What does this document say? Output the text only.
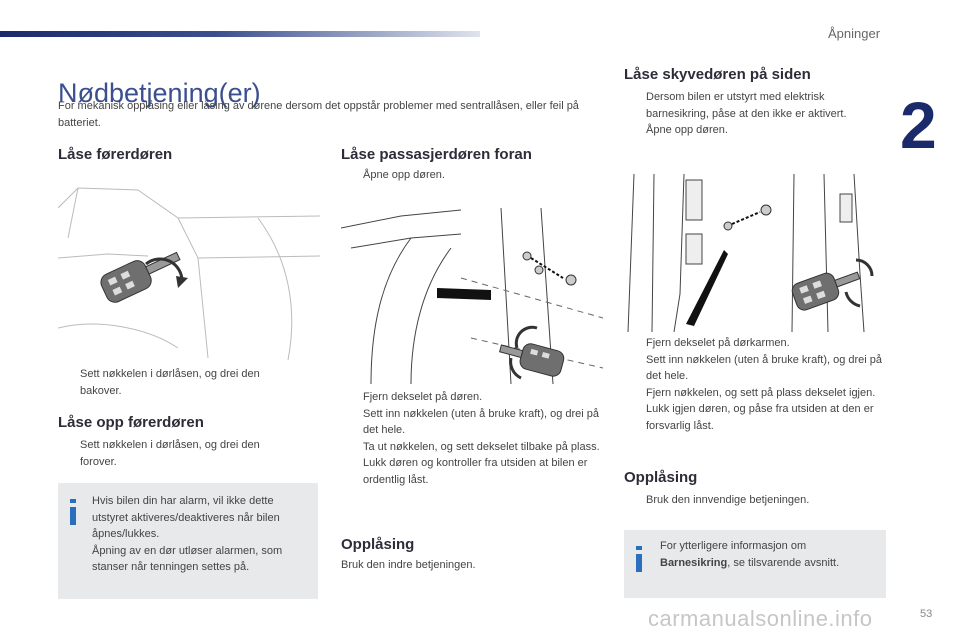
Åpninger
2
Nødbetjening(er)
For mekanisk opplåsing eller låsing av dørene dersom det oppstår problemer med sentrallåsen, eller feil på batteriet.
Låse førerdøren
Sett nøkkelen i dørlåsen, og drei den bakover.
Låse opp førerdøren
Sett nøkkelen i dørlåsen, og drei den forover.
Hvis bilen din har alarm, vil ikke dette
utstyret aktiveres/deaktiveres når bilen
åpnes/lukkes.
Åpning av en dør utløser alarmen, som
stanser når tenningen settes på.
Låse passasjerdøren foran
Åpne opp døren.
Fjern dekselet på døren.
Sett inn nøkkelen (uten å bruke kraft), og drei på det hele.
Ta ut nøkkelen, og sett dekselet tilbake på plass.
Lukk døren og kontroller fra utsiden at bilen er ordentlig låst.
Opplåsing
Bruk den indre betjeningen.
Låse skyvedøren på siden
Dersom bilen er utstyrt med elektrisk barnesikring, påse at den ikke er aktivert.
Åpne opp døren.
Fjern dekselet på dørkarmen.
Sett inn nøkkelen (uten å bruke kraft), og drei på det hele.
Fjern nøkkelen, og sett på plass dekselet igjen.
Lukk igjen døren, og påse fra utsiden at den er forsvarlig låst.
Opplåsing
Bruk den innvendige betjeningen.
For ytterligere informasjon om
Barnesikring, se tilsvarende avsnitt.
carmanualsonline.info	53
